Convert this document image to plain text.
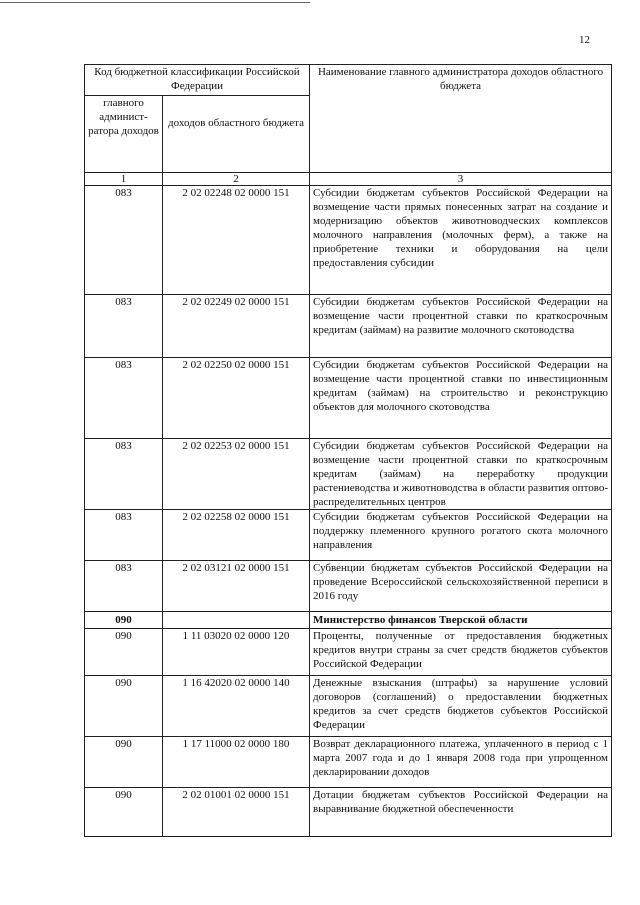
12
Код бюджетной классификации Российской Федерации		Наименование главного администратора доходов областного бюджета
главного админист-ратора доходов	доходов областного бюджета	
1	2	3
083	2 02 02248 02 0000 151	Субсидии бюджетам субъектов Российской Федерации на возмещение части прямых понесенных затрат на создание и модернизацию объектов животноводческих комплексов молочного направления (молочных ферм), а также на приобретение техники и оборудования на цели предоставления субсидии
083	2 02 02249 02 0000 151	Субсидии бюджетам субъектов Российской Федерации на возмещение части процентной ставки по краткосрочным кредитам (займам) на развитие молочного скотоводства
083	2 02 02250 02 0000 151	Субсидии бюджетам субъектов Российской Федерации на возмещение части процентной ставки по инвестиционным кредитам (займам) на строительство и реконструкцию объектов для молочного скотоводства
083	2 02 02253 02 0000 151	Субсидии бюджетам субъектов Российской Федерации на возмещение части процентной ставки по краткосрочным кредитам (займам) на переработку продукции растениеводства и животноводства в области развития оптово-распределительных центров
083	2 02 02258 02 0000 151	Субсидии бюджетам субъектов Российской Федерации на поддержку племенного крупного рогатого скота молочного направления
083	2 02 03121 02 0000 151	Субвенции бюджетам субъектов Российской Федерации на проведение Всероссийской сельскохозяйственной переписи в 2016 году
090		Министерство финансов Тверской области
090	1 11 03020 02 0000 120	Проценты, полученные от предоставления бюджетных кредитов внутри страны за счет средств бюджетов субъектов Российской Федерации
090	1 16 42020 02 0000 140	Денежные взыскания (штрафы) за нарушение условий договоров (соглашений) о предоставлении бюджетных кредитов за счет средств бюджетов субъектов Российской Федерации
090	1 17 11000 02 0000 180	Возврат декларационного платежа, уплаченного в период с 1 марта 2007 года и до 1 января 2008 года при упрощенном декларировании доходов
090	2 02 01001 02 0000 151	Дотации бюджетам субъектов Российской Федерации на выравнивание бюджетной обеспеченности
